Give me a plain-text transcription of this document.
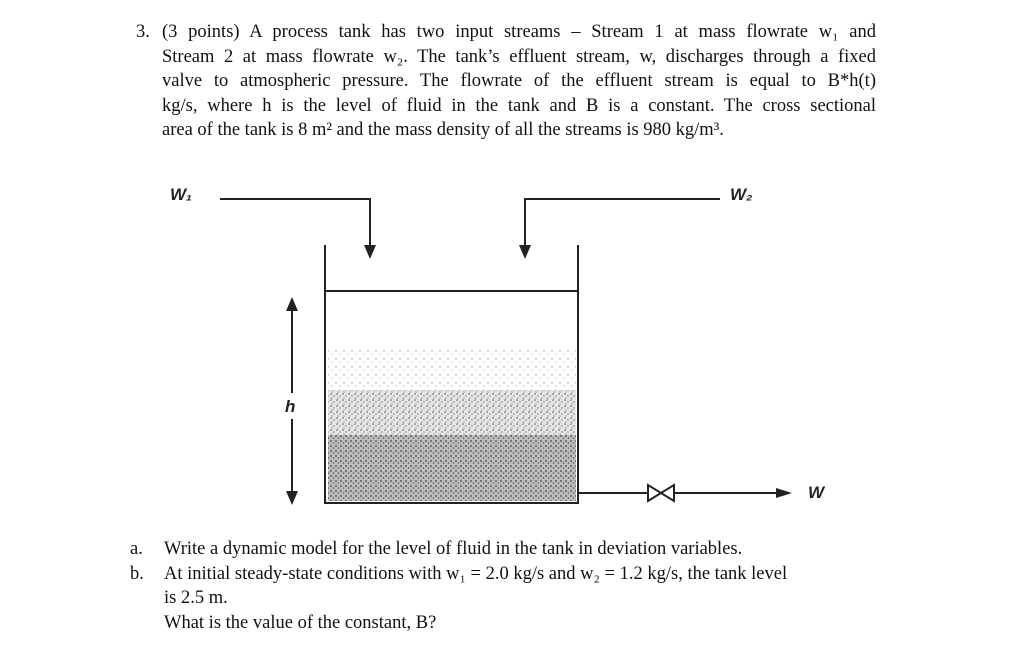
3. (3 points) A process tank has two input streams – Stream 1 at mass flowrate w₁ and
Stream 2 at mass flowrate w₂. The tank’s effluent stream, w, discharges through a fixed
valve to atmospheric pressure. The flowrate of the effluent stream is equal to B*h(t)
kg/s, where h is the level of fluid in the tank and B is a constant. The cross sectional
area of the tank is 8 m² and the mass density of all the streams is 980 kg/m³.
W₁	W₂
h
W
a. Write a dynamic model for the level of fluid in the tank in deviation variables.
b. At initial steady-state conditions with w₁ = 2.0 kg/s and w₂ = 1.2 kg/s, the tank level
is 2.5 m.
What is the value of the constant, B?
